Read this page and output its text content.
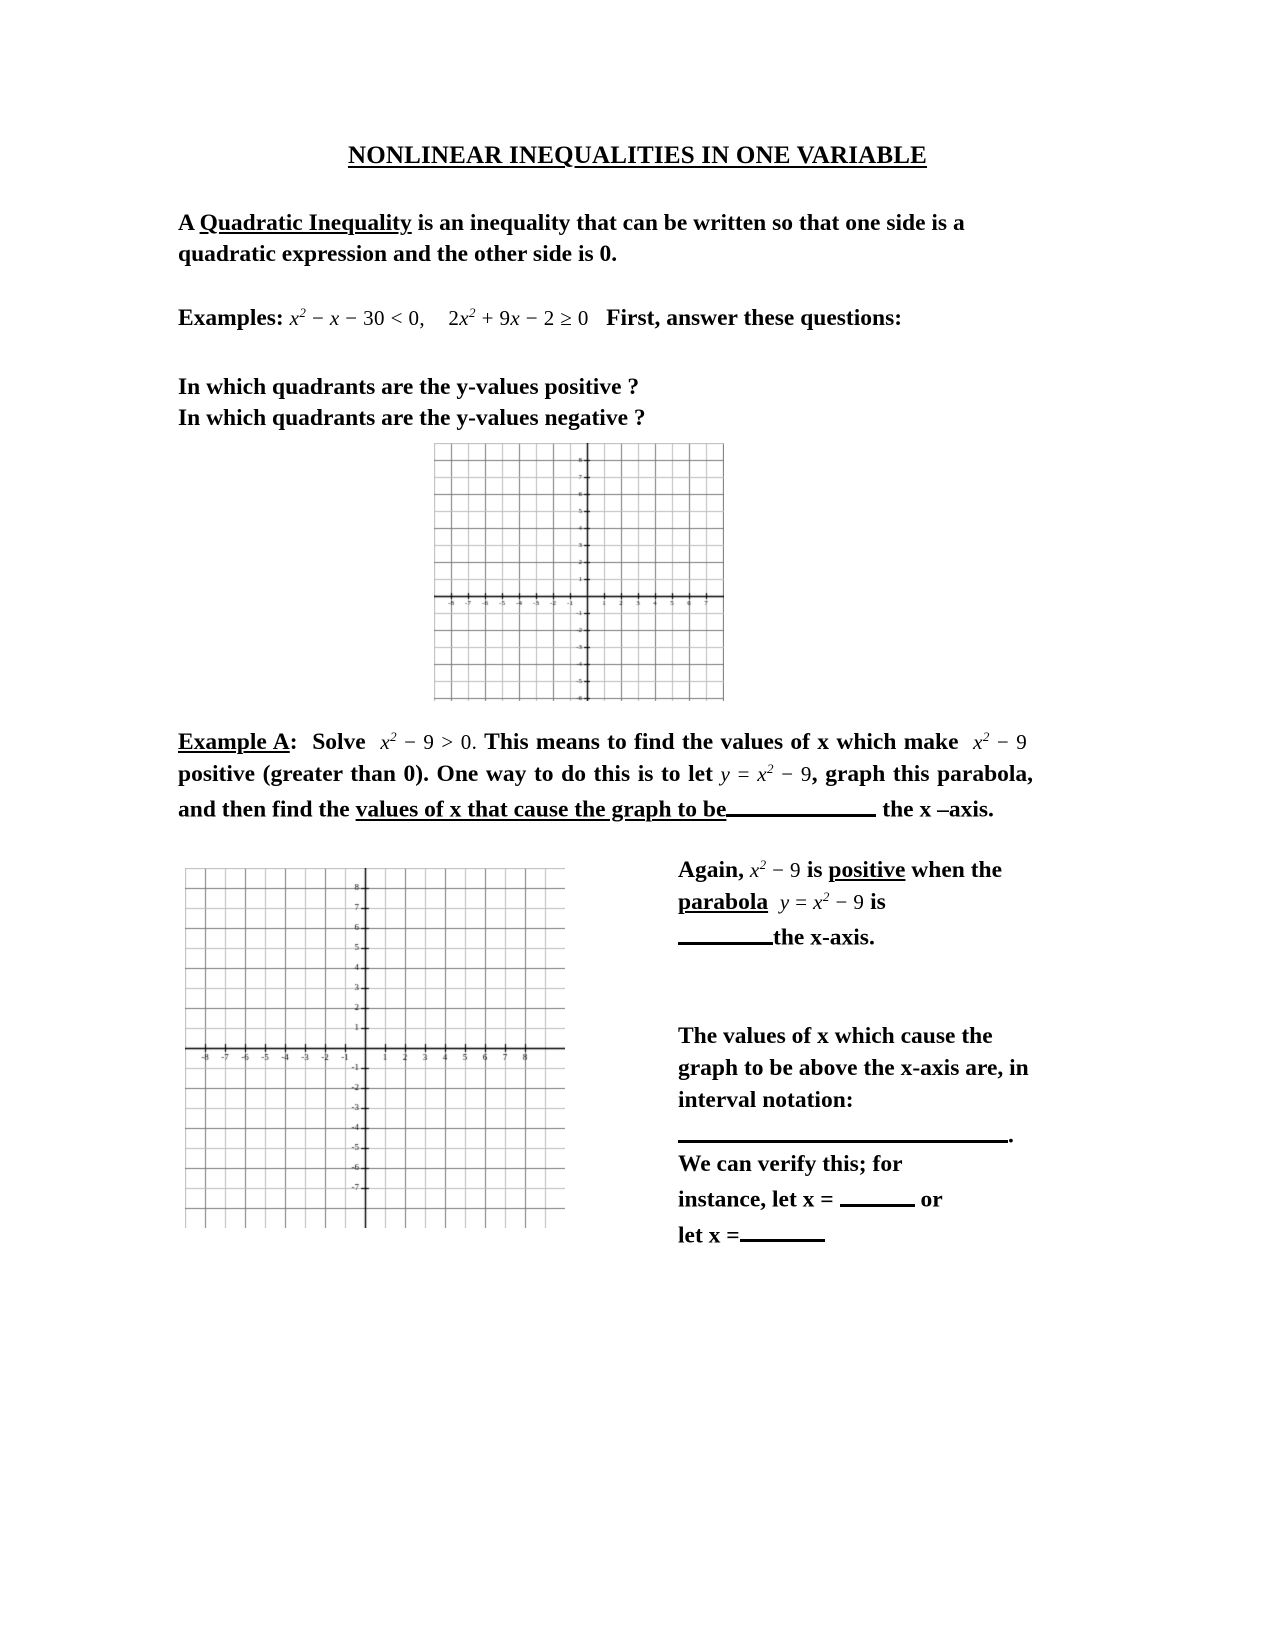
NONLINEAR INEQUALITIES IN ONE VARIABLE
A Quadratic Inequality is an inequality that can be written so that one side is a quadratic expression and the other side is 0.
Examples: $x^2 - x - 30 < 0$, $2x^2 + 9x - 2 \ge 0$ First, answer these questions:
In which quadrants are the y-values positive ?
In which quadrants are the y-values negative ?
Example A: Solve $x^2 - 9 > 0$. This means to find the values of x which make $x^2 - 9$  positive (greater than 0). One way to do this is to let $y = x^2 - 9$, graph this parabola, and then find the values of x that cause the graph to be	the x –axis.
Again, $x^2 - 9$ is positive when the parabola $y = x^2 - 9$ is
the x-axis.
The values of x which cause the graph to be above the x-axis are, in interval notation:
.
We can verify this; for
instance, let x =	or
let x =
